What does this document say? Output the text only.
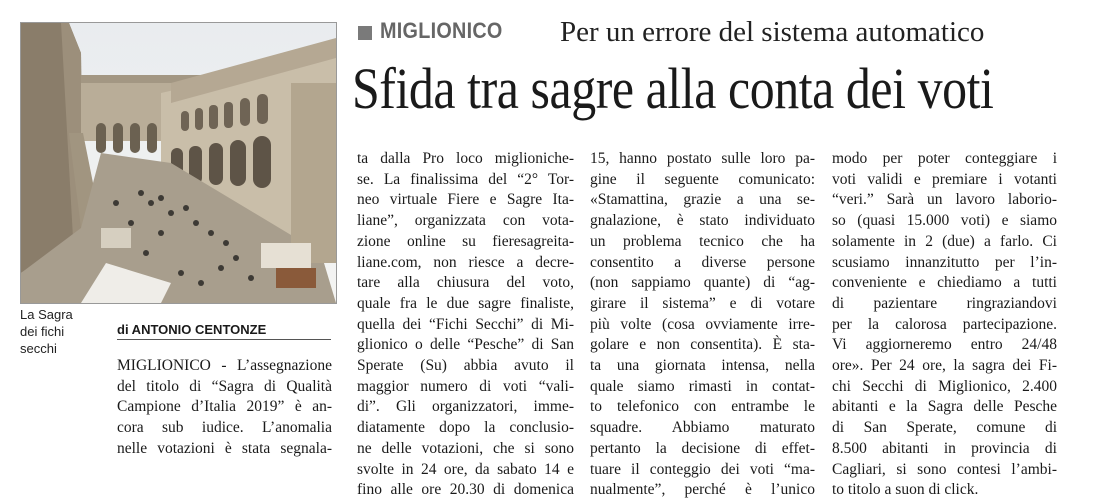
La Sagra
dei fichi
secchi
MIGLIONICO Per un errore del sistema automatico
Sfida tra sagre alla conta dei voti
di ANTONIO CENTONZE
MIGLIONICO - L’assegnazione
del titolo di “Sagra di Qualità
Campione d’Italia 2019” è an-
cora sub iudice. L’anomalia
nelle votazioni è stata segnala-
ta dalla Pro loco miglioniche-
se. La finalissima del “2° Tor-
neo virtuale Fiere e Sagre Ita-
liane”, organizzata con vota-
zione online su fieresagreita-
liane.com, non riesce a decre-
tare alla chiusura del voto,
quale fra le due sagre finaliste,
quella dei “Fichi Secchi” di Mi-
glionico o delle “Pesche” di San
Sperate (Su) abbia avuto il
maggior numero di voti “vali-
di”. Gli organizzatori, imme-
diatamente dopo la conclusio-
ne delle votazioni, che si sono
svolte in 24 ore, da sabato 14 e
fino alle ore 20.30 di domenica
15, hanno postato sulle loro pa-
gine il seguente comunicato:
«Stamattina, grazie a una se-
gnalazione, è stato individuato
un problema tecnico che ha
consentito a diverse persone
(non sappiamo quante) di “ag-
girare il sistema” e di votare
più volte (cosa ovviamente irre-
golare e non consentita). È sta-
ta una giornata intensa, nella
quale siamo rimasti in contat-
to telefonico con entrambe le
squadre. Abbiamo maturato
pertanto la decisione di effet-
tuare il conteggio dei voti “ma-
nualmente”, perché è l’unico
modo per poter conteggiare i
voti validi e premiare i votanti
“veri.” Sarà un lavoro laborio-
so (quasi 15.000 voti) e siamo
solamente in 2 (due) a farlo. Ci
scusiamo innanzitutto per l’in-
conveniente e chiediamo a tutti
di pazientare ringraziandovi
per la calorosa partecipazione.
Vi aggiorneremo entro 24/48
ore». Per 24 ore, la sagra dei Fi-
chi Secchi di Miglionico, 2.400
abitanti e la Sagra delle Pesche
di San Sperate, comune di
8.500 abitanti in provincia di
Cagliari, si sono contesi l’ambi-
to titolo a suon di click.
